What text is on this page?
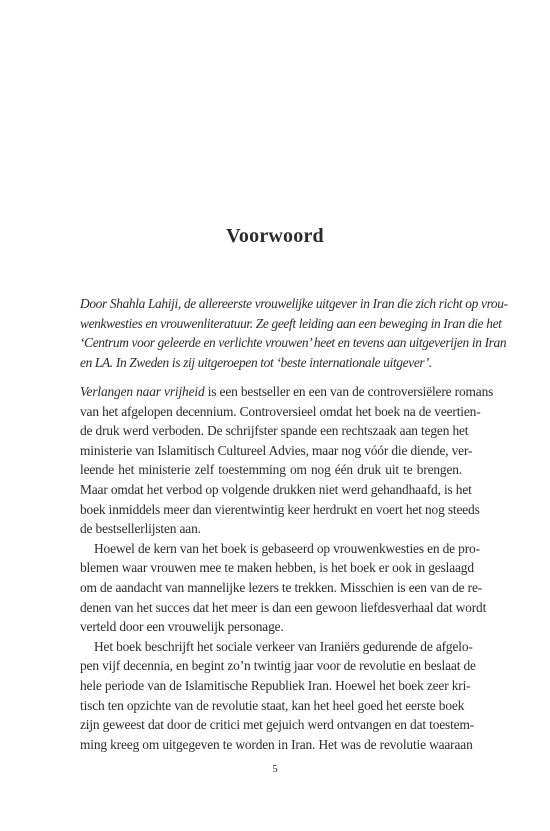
Voorwoord
Door Shahla Lahiji, de allereerste vrouwelijke uitgever in Iran die zich richt op vrou-
wenkwesties en vrouwenliteratuur. Ze geeft leiding aan een beweging in Iran die het
‘Centrum voor geleerde en verlichte vrouwen’ heet en tevens aan uitgeverijen in Iran
en LA. In Zweden is zij uitgeroepen tot ‘beste internationale uitgever’.
Verlangen naar vrijheid is een bestseller en een van de controversiëlere romans
van het afgelopen decennium. Controversieel omdat het boek na de veertien-
de druk werd verboden. De schrijfster spande een rechtszaak aan tegen het
ministerie van Islamitisch Cultureel Advies, maar nog vóór die diende, ver-
leende het ministerie zelf toestemming om nog één druk uit te brengen.
Maar omdat het verbod op volgende drukken niet werd gehandhaafd, is het
boek inmiddels meer dan vierentwintig keer herdrukt en voert het nog steeds
de bestsellerlijsten aan.
Hoewel de kern van het boek is gebaseerd op vrouwenkwesties en de pro-
blemen waar vrouwen mee te maken hebben, is het boek er ook in geslaagd
om de aandacht van mannelijke lezers te trekken. Misschien is een van de re-
denen van het succes dat het meer is dan een gewoon liefdesverhaal dat wordt
verteld door een vrouwelijk personage.
Het boek beschrijft het sociale verkeer van Iraniërs gedurende de afgelo-
pen vijf decennia, en begint zo’n twintig jaar voor de revolutie en beslaat de
hele periode van de Islamitische Republiek Iran. Hoewel het boek zeer kri-
tisch ten opzichte van de revolutie staat, kan het heel goed het eerste boek
zijn geweest dat door de critici met gejuich werd ontvangen en dat toestem-
ming kreeg om uitgegeven te worden in Iran. Het was de revolutie waaraan
5
